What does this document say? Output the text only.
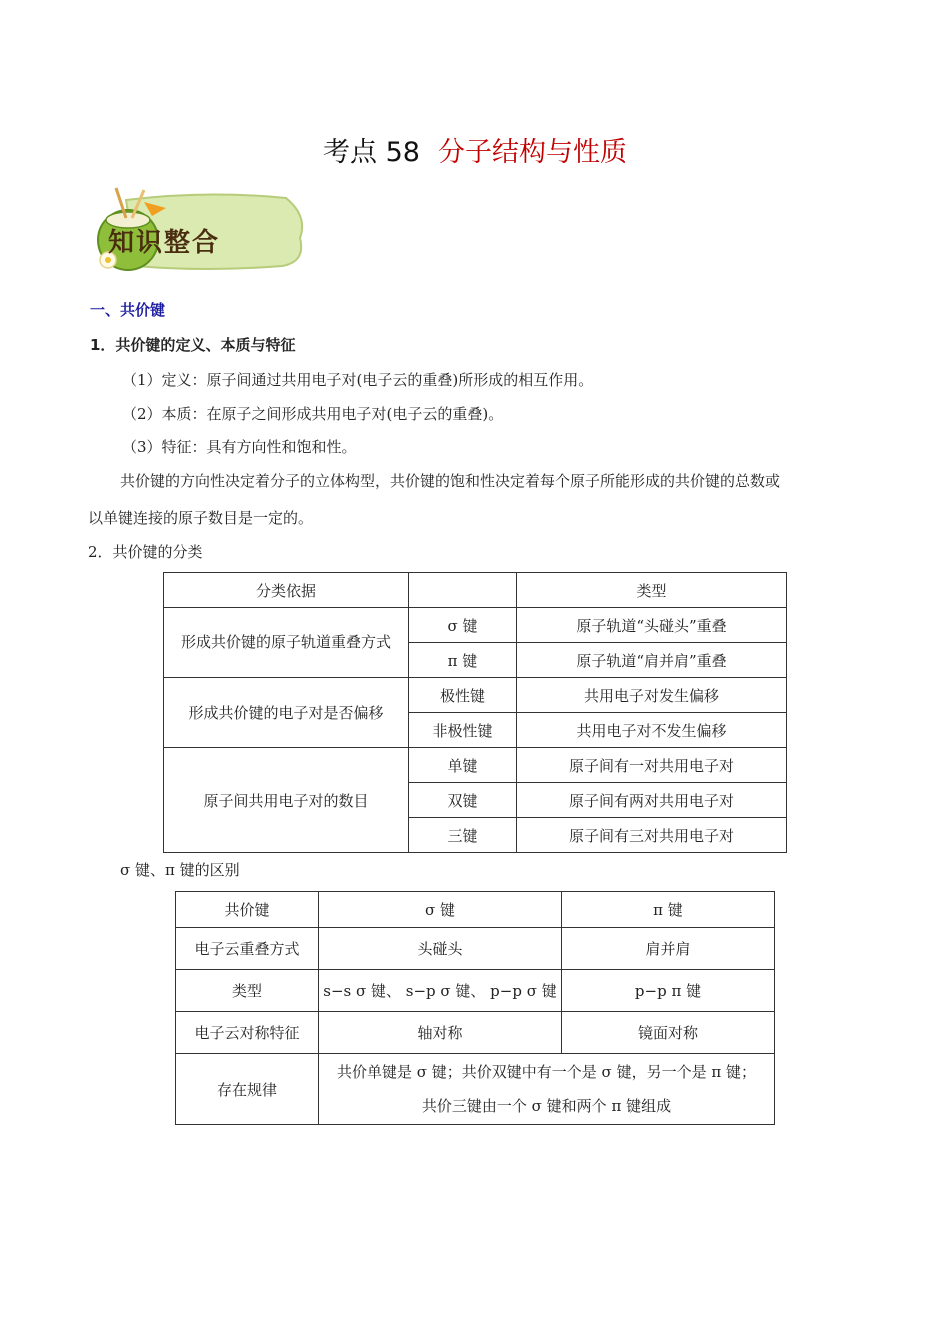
考点 58 分子结构与性质
知识整合
一、共价键
1．共价键的定义、本质与特征
（1）定义：原子间通过共用电子对(电子云的重叠)所形成的相互作用。
（2）本质：在原子之间形成共用电子对(电子云的重叠)。
（3）特征：具有方向性和饱和性。
共价键的方向性决定着分子的立体构型，共价键的饱和性决定着每个原子所能形成的共价键的总数或
以单键连接的原子数目是一定的。
2．共价键的分类
分类依据		类型
形成共价键的原子轨道重叠方式	σ 键	原子轨道“头碰头”重叠
	π 键	原子轨道“肩并肩”重叠
形成共价键的电子对是否偏移	极性键	共用电子对发生偏移
	非极性键	共用电子对不发生偏移
原子间共用电子对的数目	单键	原子间有一对共用电子对
	双键	原子间有两对共用电子对
	三键	原子间有三对共用电子对
σ 键、π 键的区别
共价键	σ 键	π 键
电子云重叠方式	头碰头	肩并肩
类型	s−s σ 键、 s−p σ 键、 p−p σ 键	p−p π 键
电子云对称特征	轴对称	镜面对称
存在规律	共价单键是 σ 键；共价双键中有一个是 σ 键，另一个是 π 键；共价三键由一个 σ 键和两个 π 键组成	
